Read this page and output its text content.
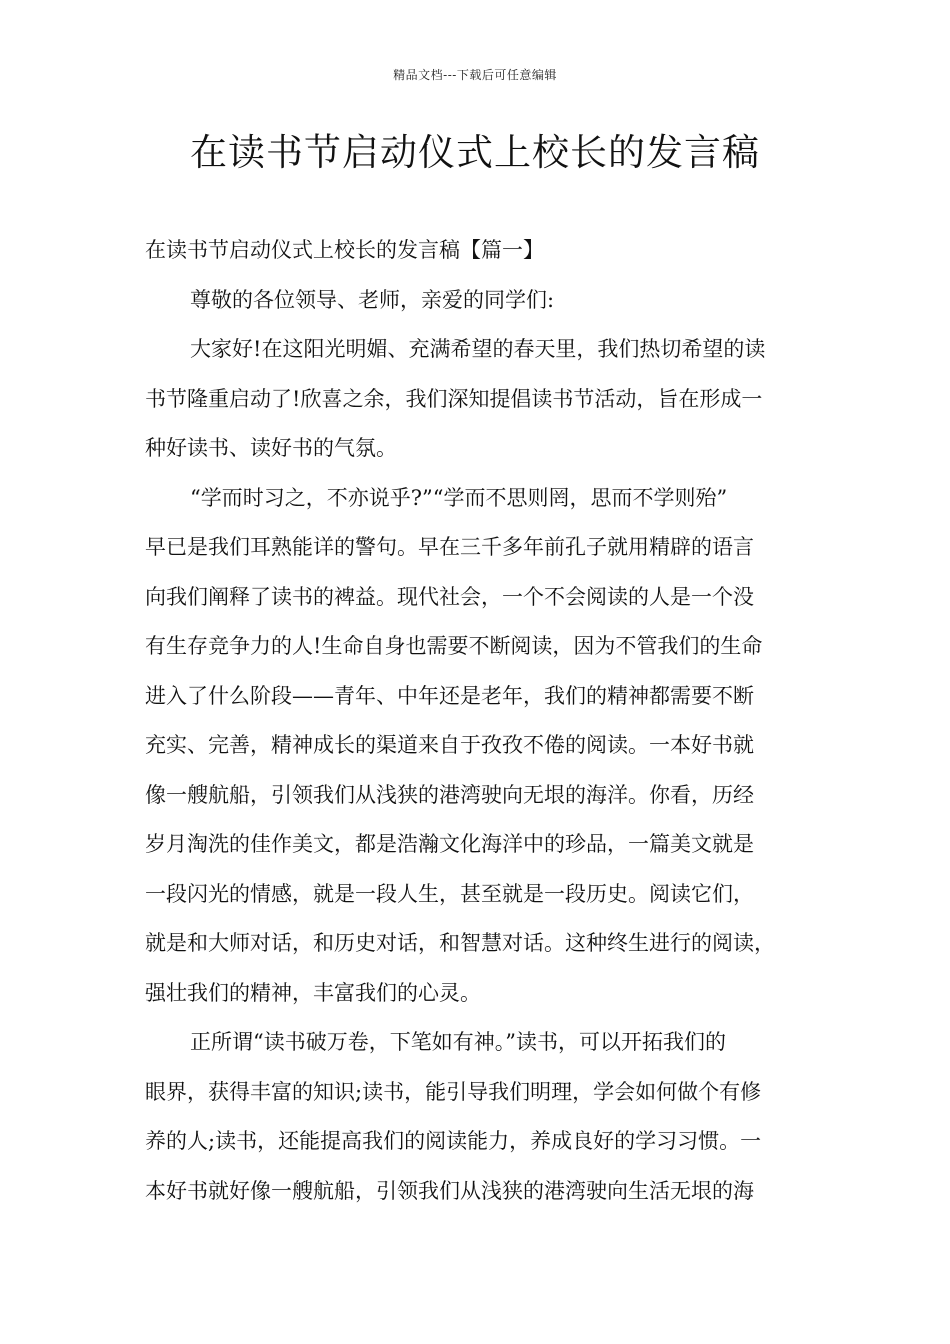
精品文档---下载后可任意编辑
在读书节启动仪式上校长的发言稿
在读书节启动仪式上校长的发言稿【篇一】
尊敬的各位领导、老师，亲爱的同学们:
大家好!在这阳光明媚、充满希望的春天里，我们热切希望的读
书节隆重启动了!欣喜之余，我们深知提倡读书节活动，旨在形成一
种好读书、读好书的气氛。
“学而时习之，不亦说乎?”“学而不思则罔，思而不学则殆”
早已是我们耳熟能详的警句。早在三千多年前孔子就用精辟的语言
向我们阐释了读书的裨益。现代社会，一个不会阅读的人是一个没
有生存竞争力的人!生命自身也需要不断阅读，因为不管我们的生命
进入了什么阶段——青年、中年还是老年，我们的精神都需要不断
充实、完善，精神成长的渠道来自于孜孜不倦的阅读。一本好书就
像一艘航船，引领我们从浅狭的港湾驶向无垠的海洋。你看，历经
岁月淘洗的佳作美文，都是浩瀚文化海洋中的珍品，一篇美文就是
一段闪光的情感，就是一段人生，甚至就是一段历史。阅读它们，
就是和大师对话，和历史对话，和智慧对话。这种终生进行的阅读，
强壮我们的精神，丰富我们的心灵。
正所谓“读书破万卷，下笔如有神。”读书，可以开拓我们的
眼界，获得丰富的知识;读书，能引导我们明理，学会如何做个有修
养的人;读书，还能提高我们的阅读能力，养成良好的学习习惯。一
本好书就好像一艘航船，引领我们从浅狭的港湾驶向生活无垠的海
